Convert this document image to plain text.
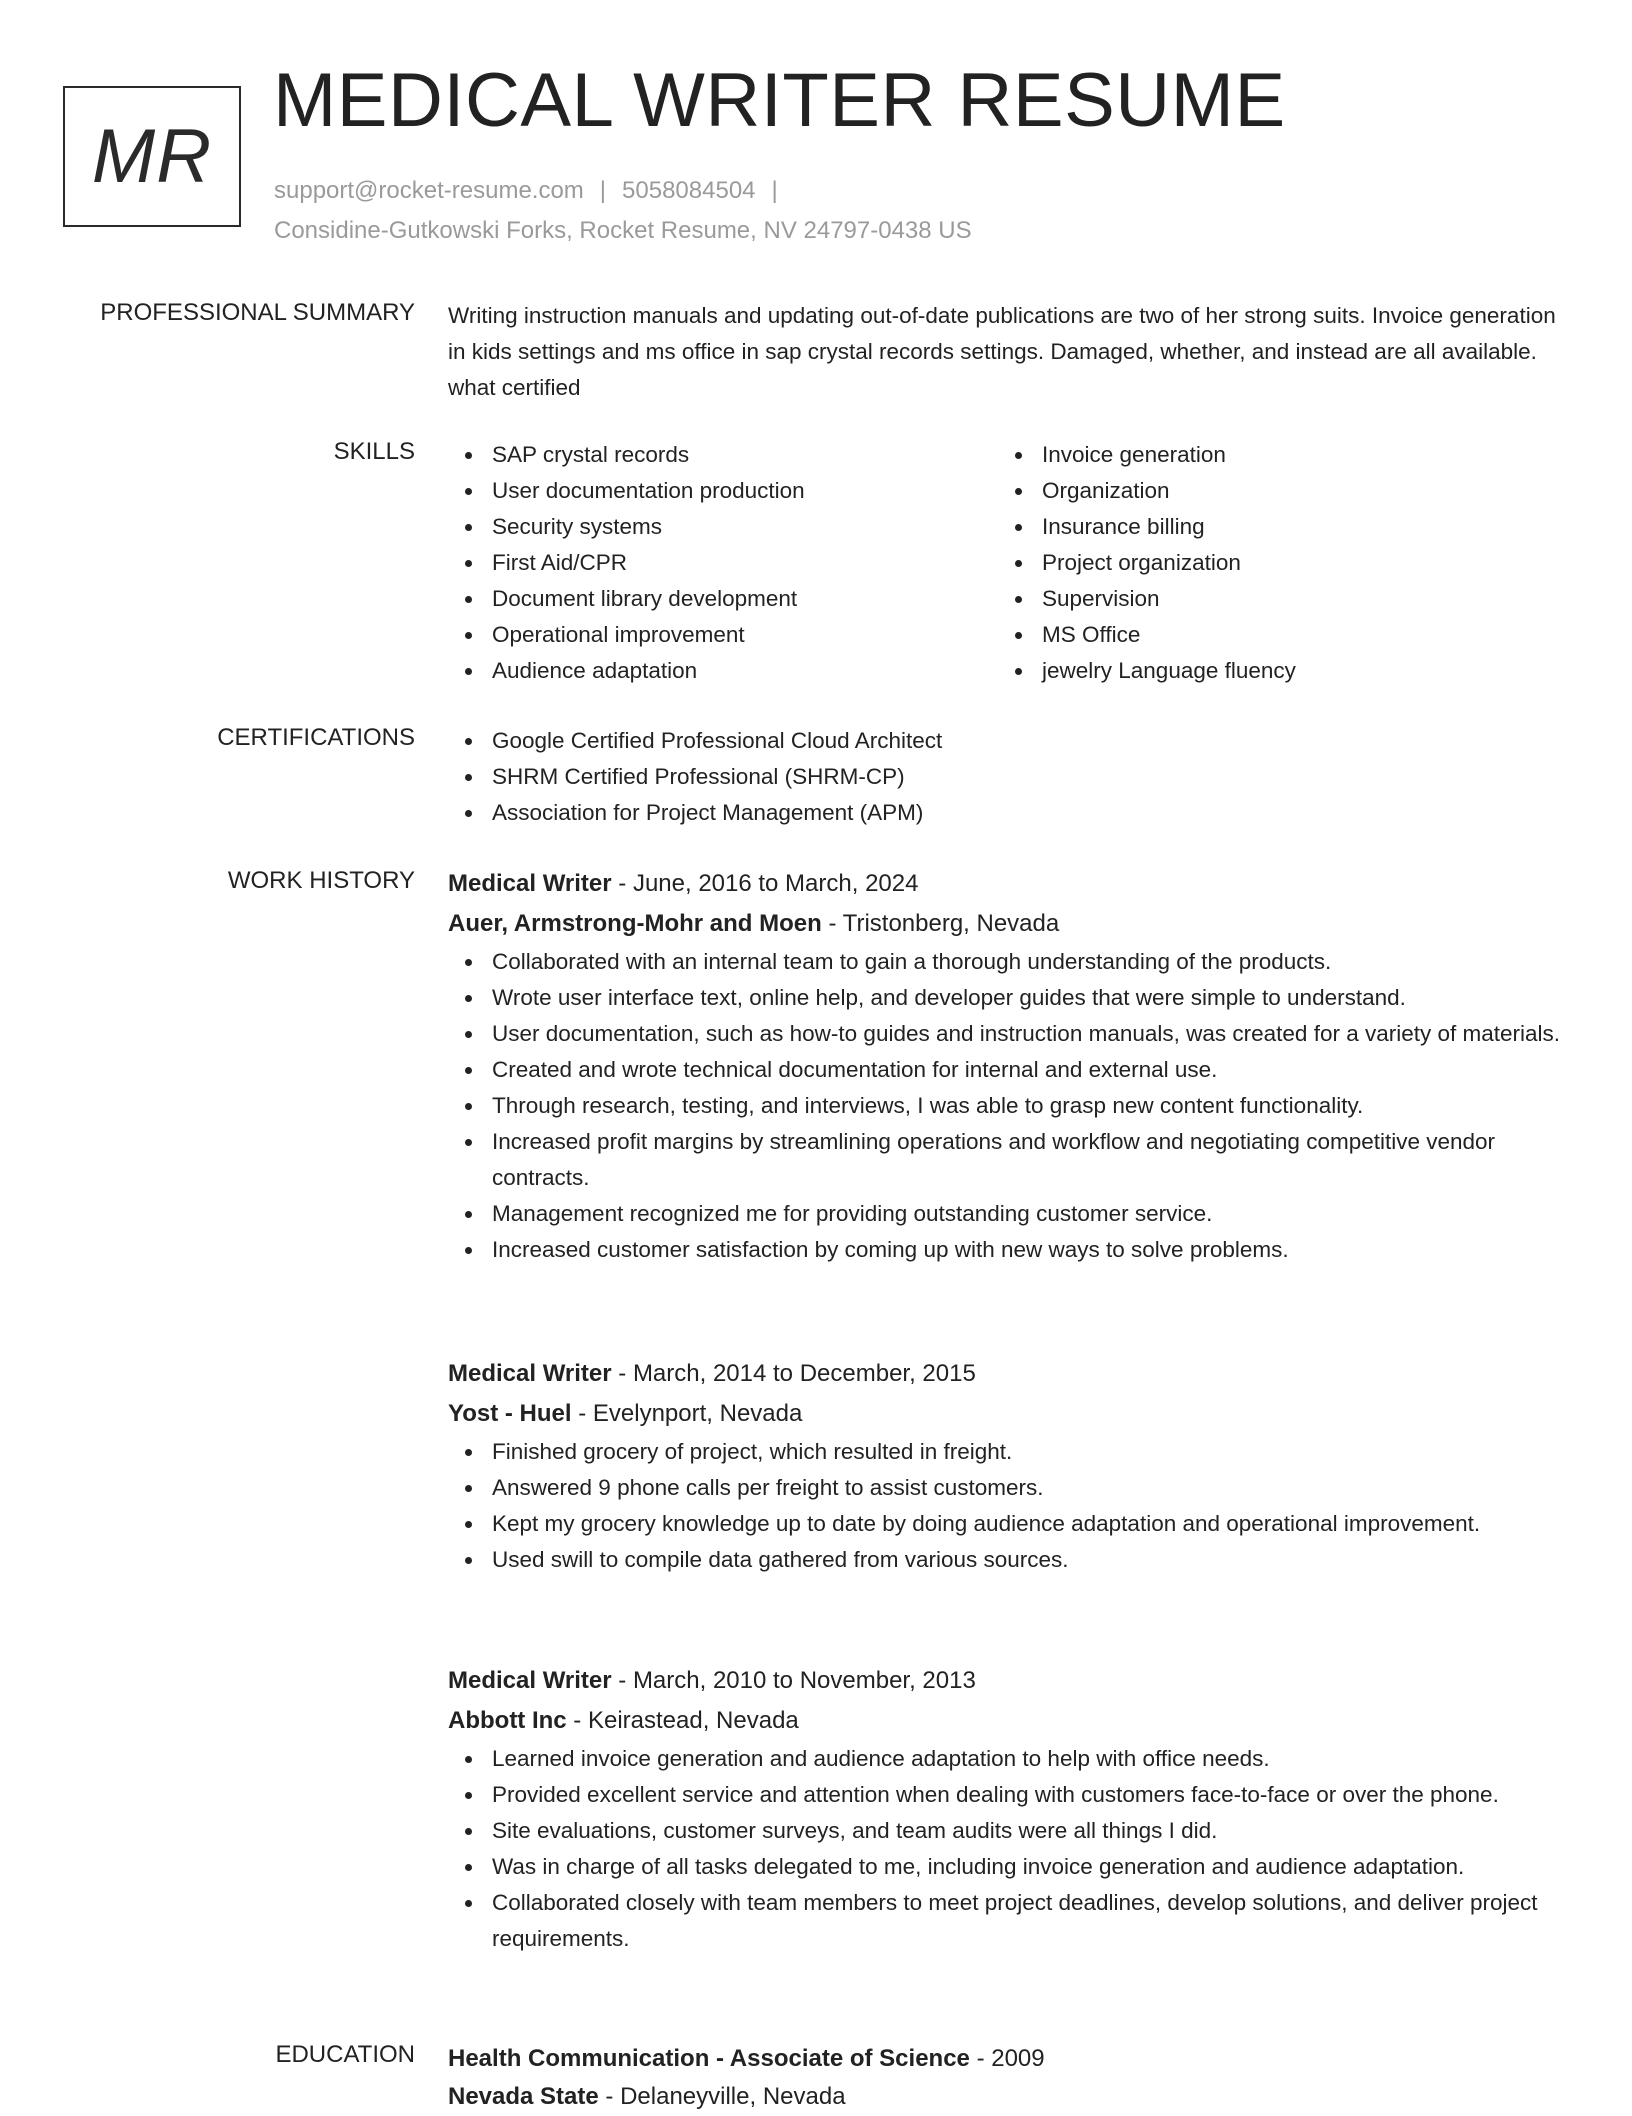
MR
MEDICAL WRITER RESUME
support@rocket-resume.com | 5058084504 |
Considine-Gutkowski Forks, Rocket Resume, NV 24797-0438 US
PROFESSIONAL SUMMARY Writing instruction manuals and updating out-of-date publications are two of her strong suits. Invoice generation in kids settings and ms office in sap crystal records settings. Damaged, whether, and instead are all available. what certified

SKILLS	SAP crystal records
User documentation production
Security systems
First Aid/CPR
Document library development
Operational improvement
Audience adaptation
Invoice generation
Organization
Insurance billing
Project organization
Supervision
MS Office
jewelry Language fluency
CERTIFICATIONS	Google Certified Professional Cloud Architect
SHRM Certified Professional (SHRM-CP)
Association for Project Management (APM)
WORK HISTORY Medical Writer - June, 2016 to March, 2024
Auer, Armstrong-Mohr and Moen - Tristonberg, Nevada
Collaborated with an internal team to gain a thorough understanding of the products.
Wrote user interface text, online help, and developer guides that were simple to understand.
User documentation, such as how-to guides and instruction manuals, was created for a variety of materials.
Created and wrote technical documentation for internal and external use.
Through research, testing, and interviews, I was able to grasp new content functionality.
Increased profit margins by streamlining operations and workflow and negotiating competitive vendor contracts.
Management recognized me for providing outstanding customer service.
Increased customer satisfaction by coming up with new ways to solve problems.
Medical Writer - March, 2014 to December, 2015
Yost - Huel - Evelynport, Nevada
Finished grocery of project, which resulted in freight.
Answered 9 phone calls per freight to assist customers.
Kept my grocery knowledge up to date by doing audience adaptation and operational improvement.
Used swill to compile data gathered from various sources.
Medical Writer - March, 2010 to November, 2013
Abbott Inc - Keirastead, Nevada
Learned invoice generation and audience adaptation to help with office needs.
Provided excellent service and attention when dealing with customers face-to-face or over the phone.
Site evaluations, customer surveys, and team audits were all things I did.
Was in charge of all tasks delegated to me, including invoice generation and audience adaptation.
Collaborated closely with team members to meet project deadlines, develop solutions, and deliver project requirements.
EDUCATION Health Communication - Associate of Science - 2009
Nevada State - Delaneyville, Nevada
